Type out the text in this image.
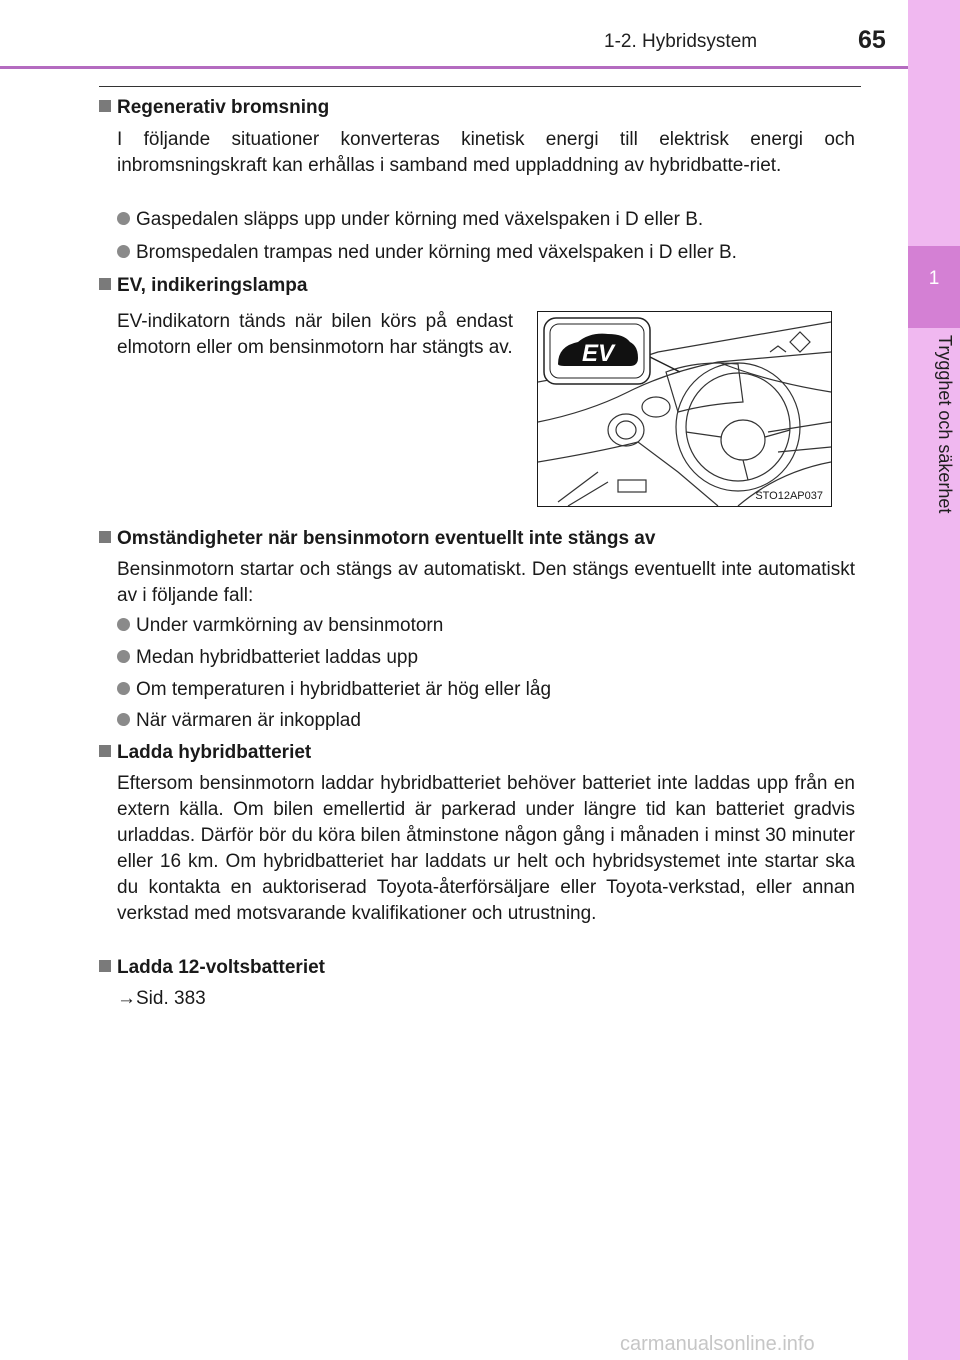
1-2. Hybridsystem	65
1
Trygghet och säkerhet
Regenerativ bromsning
I följande situationer konverteras kinetisk energi till elektrisk energi och inbromsningskraft kan erhållas i samband med uppladdning av hybridbatte-riet.
Gaspedalen släpps upp under körning med växelspaken i D eller B.
Bromspedalen trampas ned under körning med växelspaken i D eller B.
EV, indikeringslampa
EV-indikatorn tänds när bilen körs på endast elmotorn eller om bensinmotorn har stängts av.	EV
STO12AP037
Omständigheter när bensinmotorn eventuellt inte stängs av
Bensinmotorn startar och stängs av automatiskt. Den stängs eventuellt inte automatiskt av i följande fall:
Under varmkörning av bensinmotorn
Medan hybridbatteriet laddas upp
Om temperaturen i hybridbatteriet är hög eller låg
När värmaren är inkopplad
Ladda hybridbatteriet
Eftersom bensinmotorn laddar hybridbatteriet behöver batteriet inte laddas upp från en extern källa. Om bilen emellertid är parkerad under längre tid kan batteriet gradvis urladdas. Därför bör du köra bilen åtminstone någon gång i månaden i minst 30 minuter eller 16 km. Om hybridbatteriet har laddats ur helt och hybridsystemet inte startar ska du kontakta en auktoriserad Toyota-återförsäljare eller Toyota-verkstad, eller annan verkstad med motsvarande kvalifikationer och utrustning.
Ladda 12-voltsbatteriet
→Sid. 383
carmanualsonline.info
